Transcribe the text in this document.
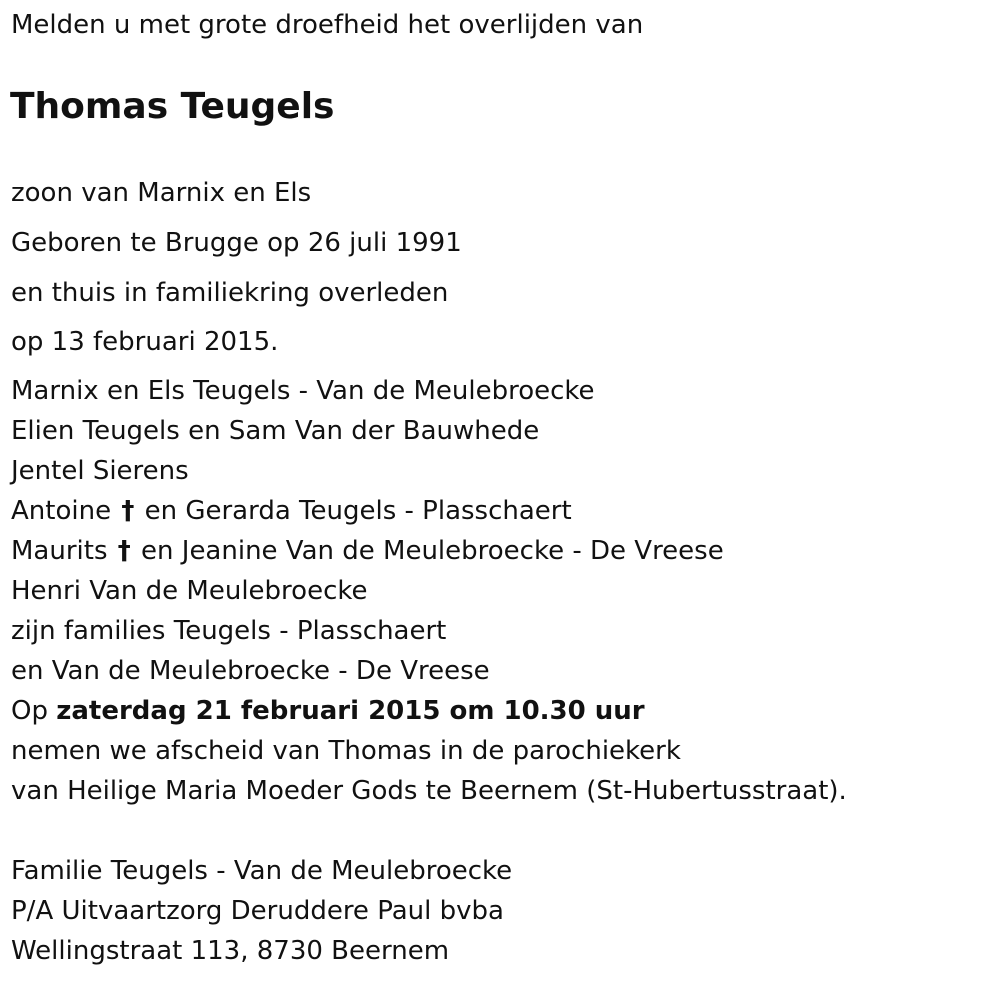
Melden u met grote droefheid het overlijden van
Thomas Teugels
zoon van Marnix en Els
Geboren te Brugge op 26 juli 1991
en thuis in familiekring overleden
op 13 februari 2015.
Marnix en Els Teugels - Van de Meulebroecke
Elien Teugels en Sam Van der Bauwhede
Jentel Sierens
Antoine † en Gerarda Teugels - Plasschaert
Maurits † en Jeanine Van de Meulebroecke - De Vreese
Henri Van de Meulebroecke
zijn families Teugels - Plasschaert
en Van de Meulebroecke - De Vreese
Op zaterdag 21 februari 2015 om 10.30 uur
nemen we afscheid van Thomas in de parochiekerk
van Heilige Maria Moeder Gods te Beernem (St-Hubertusstraat).
Familie Teugels - Van de Meulebroecke
P/A Uitvaartzorg Deruddere Paul bvba
Wellingstraat 113, 8730 Beernem
